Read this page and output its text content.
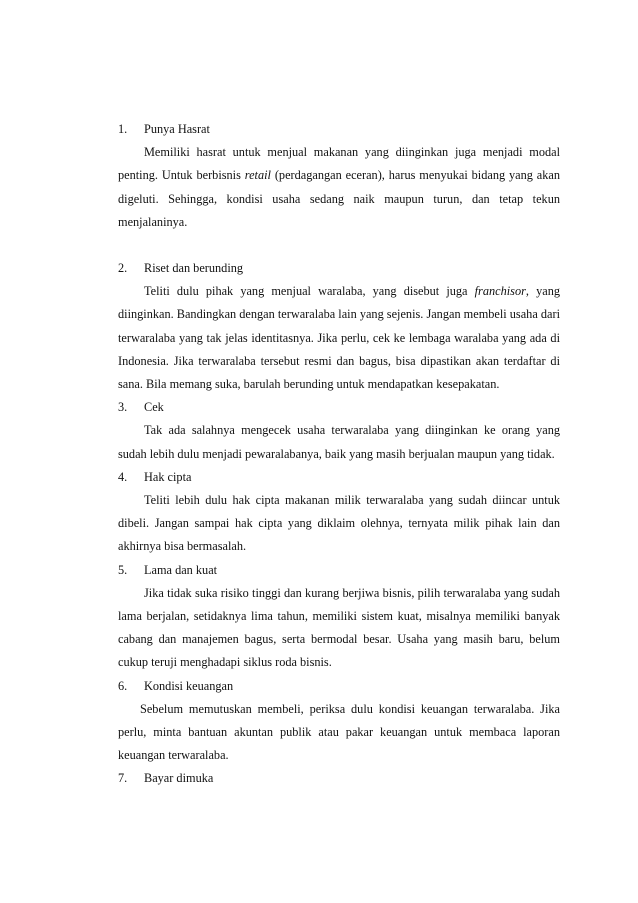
1.	Punya Hasrat

Memiliki hasrat untuk menjual makanan yang diinginkan juga menjadi modal penting. Untuk berbisnis retail (perdagangan eceran), harus menyukai bidang yang akan digeluti. Sehingga, kondisi usaha sedang naik maupun turun, dan tetap tekun menjalaninya.

2.	Riset dan berunding

Teliti dulu pihak yang menjual waralaba, yang disebut juga franchisor, yang diinginkan. Bandingkan dengan terwaralaba lain yang sejenis. Jangan membeli usaha dari terwaralaba yang tak jelas identitasnya. Jika perlu, cek ke lembaga waralaba yang ada di Indonesia. Jika terwaralaba tersebut resmi dan bagus, bisa dipastikan akan terdaftar di sana. Bila memang suka, barulah berunding untuk mendapatkan kesepakatan.

3.	Cek

Tak ada salahnya mengecek usaha terwaralaba yang diinginkan ke orang yang sudah lebih dulu menjadi pewaralabanya, baik yang masih berjualan maupun yang tidak.

4.	Hak cipta

Teliti lebih dulu hak cipta makanan milik terwaralaba yang sudah diincar untuk dibeli. Jangan sampai hak cipta yang diklaim olehnya, ternyata milik pihak lain dan akhirnya bisa bermasalah.

5.	Lama dan kuat

Jika tidak suka risiko tinggi dan kurang berjiwa bisnis, pilih terwaralaba yang sudah lama berjalan, setidaknya lima tahun, memiliki sistem kuat, misalnya memiliki banyak cabang dan manajemen bagus, serta bermodal besar. Usaha yang masih baru, belum cukup teruji menghadapi siklus roda bisnis.

6.	Kondisi keuangan

Sebelum memutuskan membeli, periksa dulu kondisi keuangan terwaralaba. Jika perlu, minta bantuan akuntan publik atau pakar keuangan untuk membaca laporan keuangan terwaralaba.

7.	Bayar dimuka
